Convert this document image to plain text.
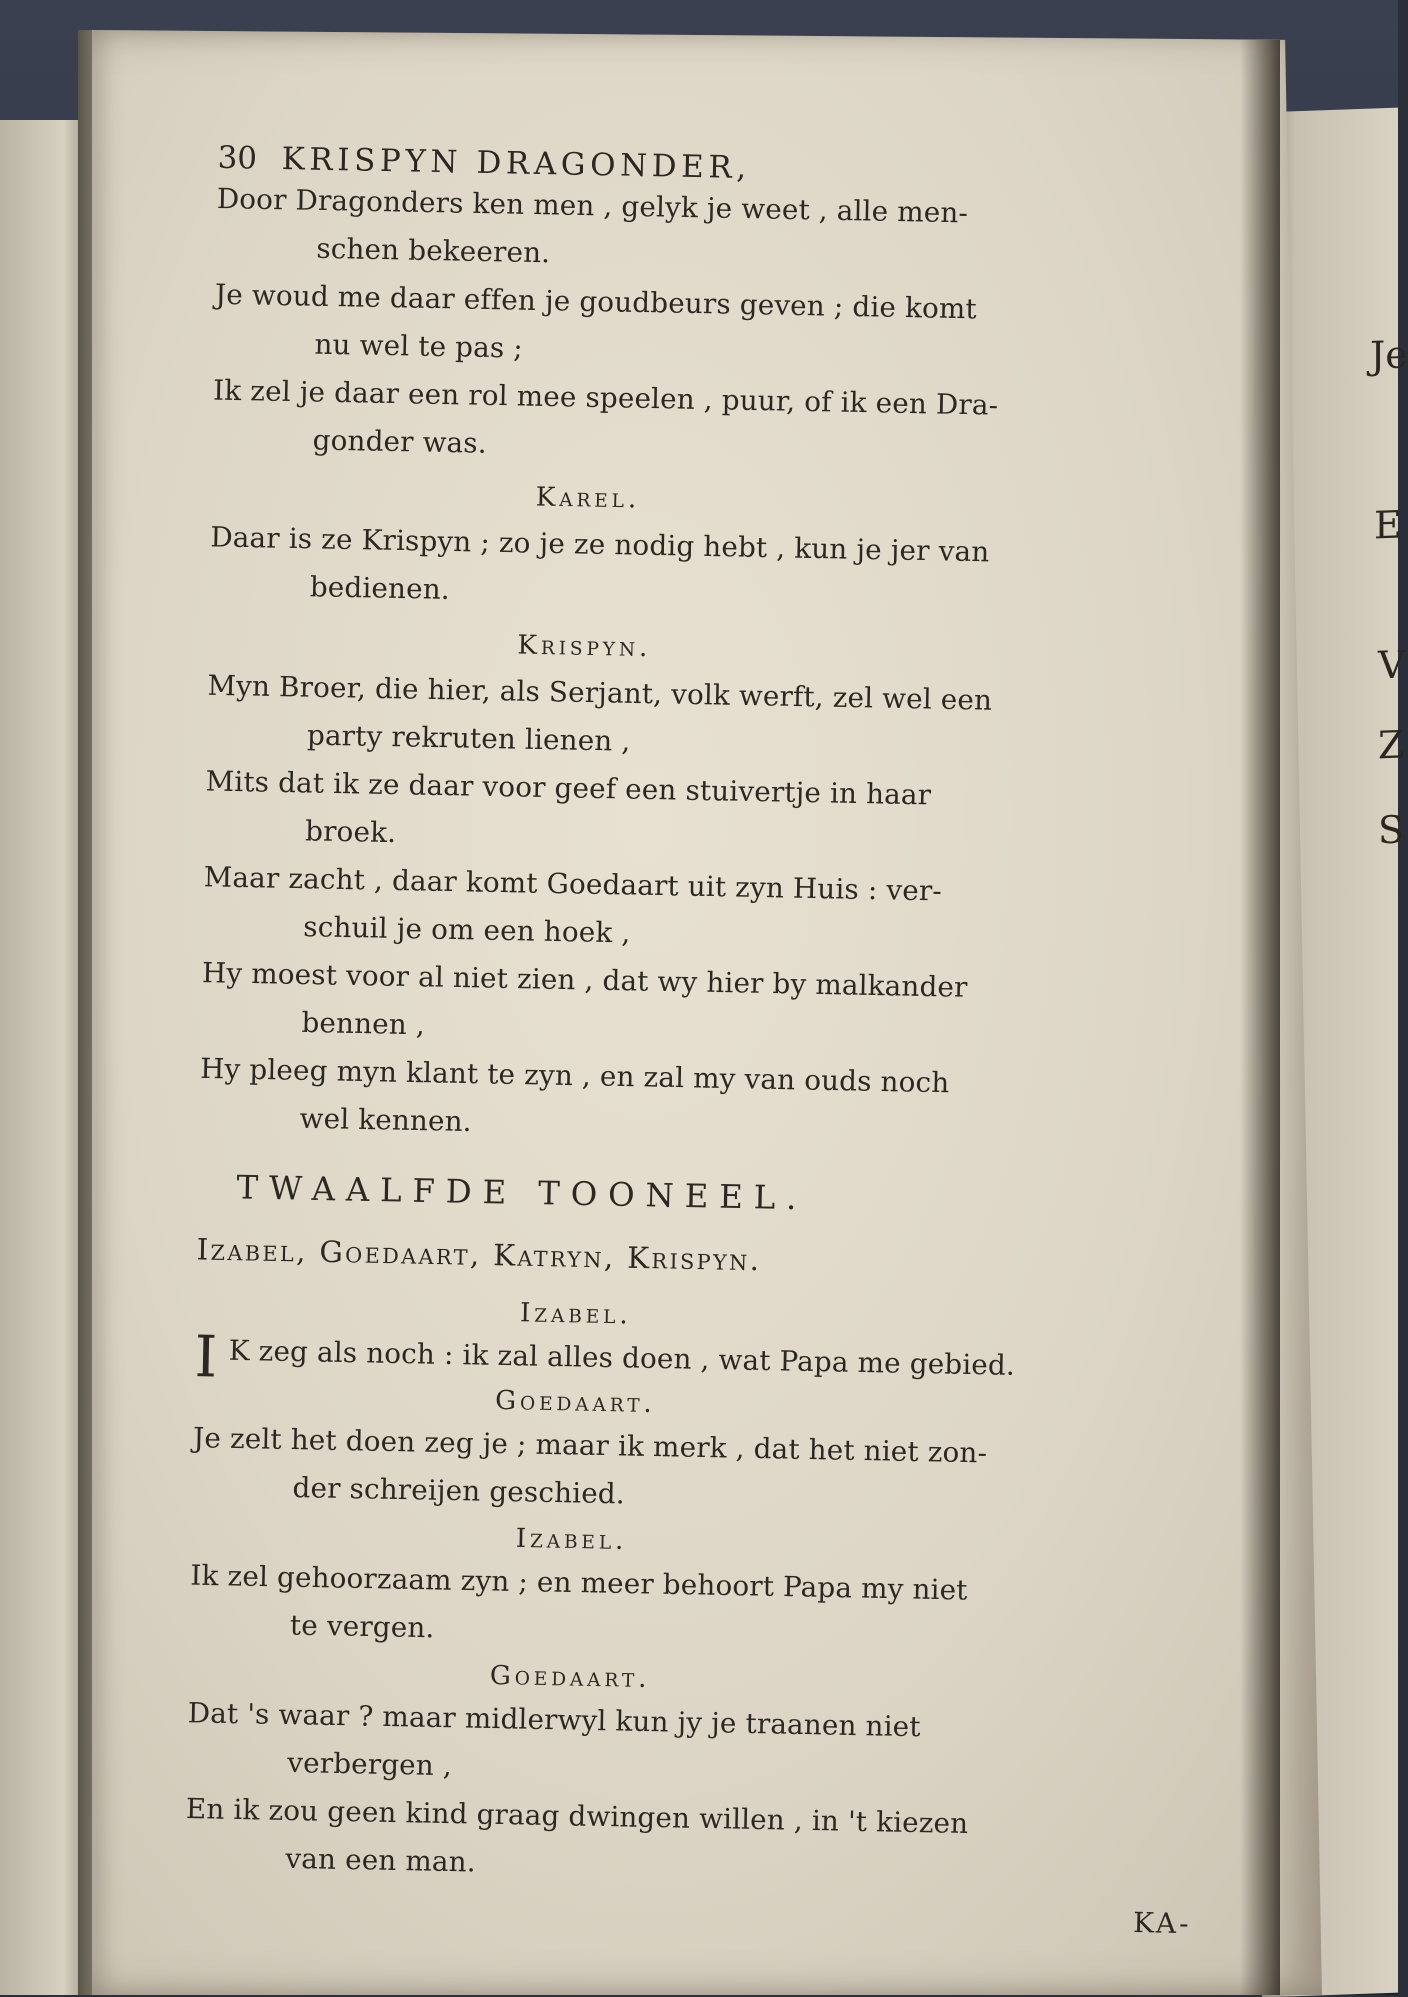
Je
E
V
Z
S
30 KRISPYN DRAGONDER,
Door Dragonders ken men , gelyk je weet , alle men-
schen bekeeren.
Je woud me daar effen je goudbeurs geven ; die komt
nu wel te pas ;
Ik zel je daar een rol mee speelen , puur, of ik een Dra-
gonder was.
Karel.
Daar is ze Krispyn ; zo je ze nodig hebt , kun je jer van
bedienen.
Krispyn.
Myn Broer, die hier, als Serjant, volk werft, zel wel een
party rekruten lienen ,
Mits dat ik ze daar voor geef een stuivertje in haar
broek.
Maar zacht , daar komt Goedaart uit zyn Huis : ver-
schuil je om een hoek ,
Hy moest voor al niet zien , dat wy hier by malkander
bennen ,
Hy pleeg myn klant te zyn , en zal my van ouds noch
wel kennen.
TWAALFDE TOONEEL.
Izabel, Goedaart, Katryn, Krispyn.
Izabel.
I K zeg als noch : ik zal alles doen , wat Papa me gebied.
Goedaart.
Je zelt het doen zeg je ; maar ik merk , dat het niet zon-
der schreijen geschied.
Izabel.
Ik zel gehoorzaam zyn ; en meer behoort Papa my niet
te vergen.
Goedaart.
Dat 's waar ? maar midlerwyl kun jy je traanen niet
verbergen ,
En ik zou geen kind graag dwingen willen , in 't kiezen
van een man.
KA-
